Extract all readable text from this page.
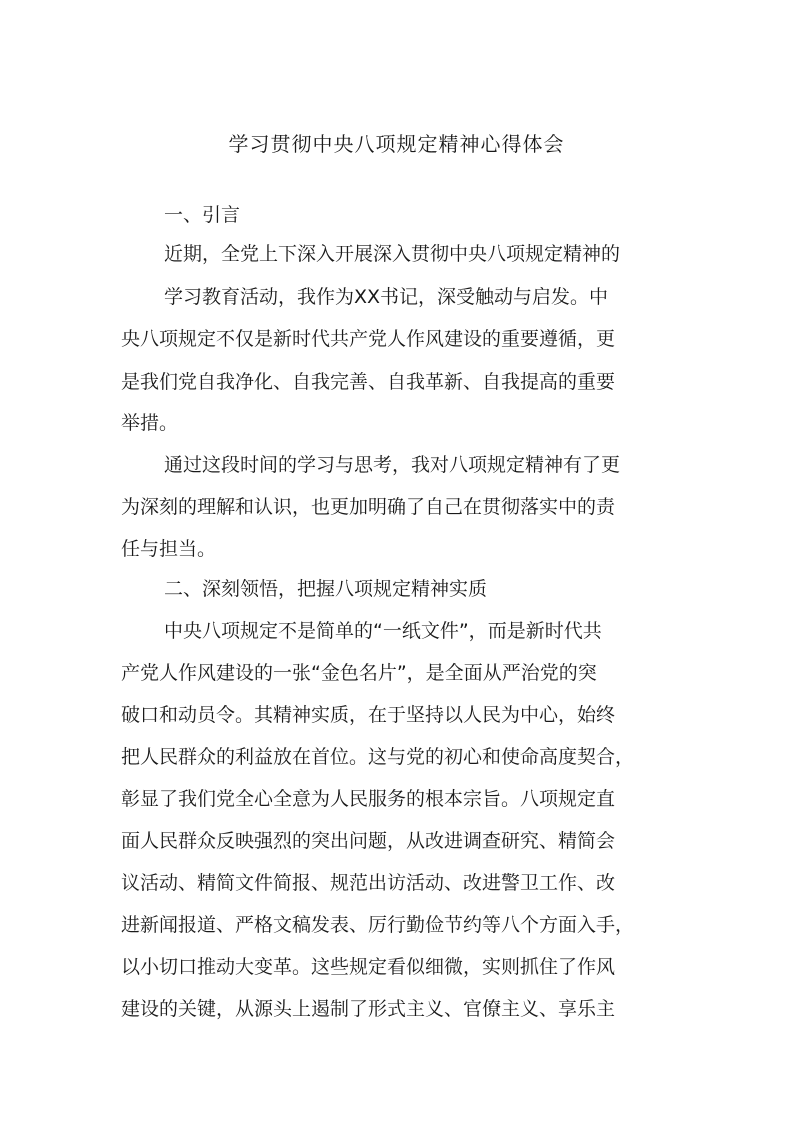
学习贯彻中央八项规定精神心得体会
一、引言
近期，全党上下深入开展深入贯彻中央八项规定精神的
学习教育活动，我作为XX书记，深受触动与启发。中
央八项规定不仅是新时代共产党人作风建设的重要遵循，更
是我们党自我净化、自我完善、自我革新、自我提高的重要
举措。
通过这段时间的学习与思考，我对八项规定精神有了更
为深刻的理解和认识，也更加明确了自己在贯彻落实中的责
任与担当。
二、深刻领悟，把握八项规定精神实质
中央八项规定不是简单的“一纸文件”，而是新时代共
产党人作风建设的一张“金色名片”，是全面从严治党的突
破口和动员令。其精神实质，在于坚持以人民为中心，始终
把人民群众的利益放在首位。这与党的初心和使命高度契合，
彰显了我们党全心全意为人民服务的根本宗旨。八项规定直
面人民群众反映强烈的突出问题，从改进调查研究、精简会
议活动、精简文件简报、规范出访活动、改进警卫工作、改
进新闻报道、严格文稿发表、厉行勤俭节约等八个方面入手，
以小切口推动大变革。这些规定看似细微，实则抓住了作风
建设的关键，从源头上遏制了形式主义、官僚主义、享乐主
